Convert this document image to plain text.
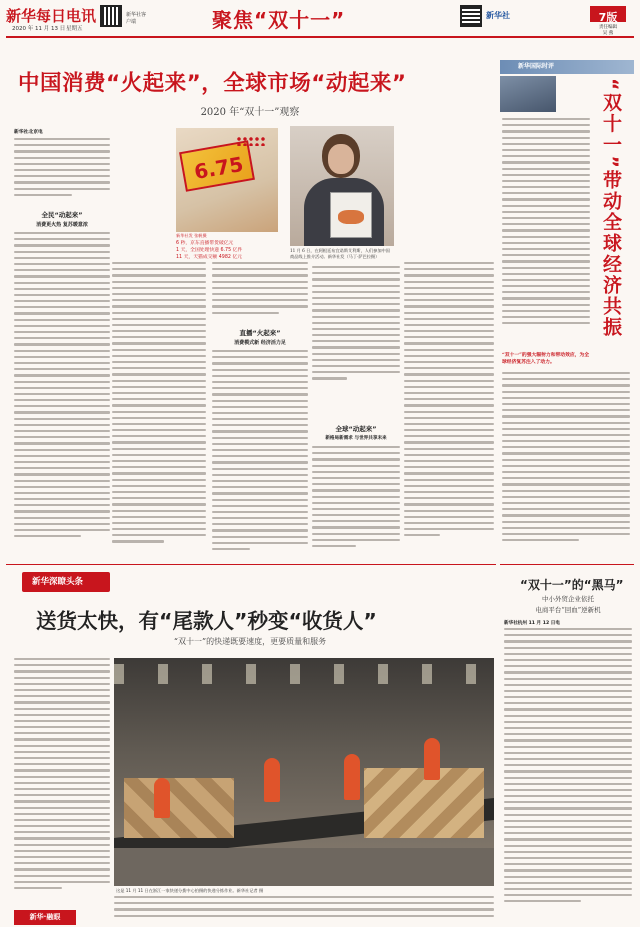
新华每日电讯
2020 年 11 月 13 日 星期五
新华社客户端	聚焦“双十一”	新华社	7版
责任编辑
吴 燕
中国消费“火起来”，全球市场“动起来”
2020 年“双十一”观察
新华社北京电
全民“动起来”
消费更火热 复苏暖意浓
6.75
新华社发 张帆摄
6 秒，京东直播带货破亿元
1 天，全国处理快递 6.75 亿件
11 天，天猫成交额 4982 亿元
直播“火起来”
消费模式新 经济活力足
11 月 6 日，在阿根廷布宜诺斯艾利斯，人们参加中国商品线上推介活动。新华社发（马丁·萨巴拉摄）
全球“动起来”
新格局新需求 与世界共享未来
新华国际时评
“双十一”带动全球经济共振
“双十一”的强大辐射力和带动效应，为全球经济复苏注入了动力。
新华深瞭头条
送货太快，有“尾款人”秒变“收货人”
“双十一”的快递既要速度，更要质量和服务
这是 11 月 11 日在浙江一家快递分拨中心拍摄的快递分拣作业。新华社记者 摄
新华·融眼
“双十一”的“黑马”
中小外贸企业依托
电商平台“回血”逆新机
新华社杭州 11 月 12 日电
